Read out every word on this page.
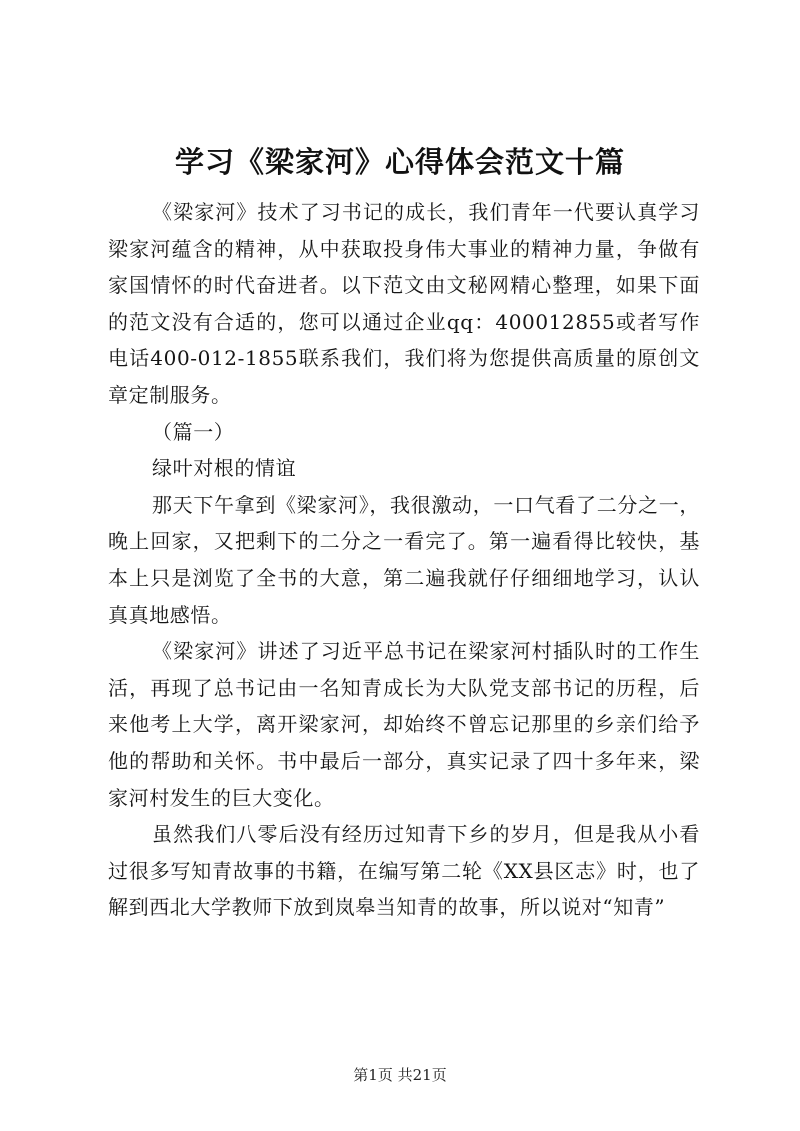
学习《梁家河》心得体会范文十篇

《梁家河》技术了习书记的成长，我们青年一代要认真学习梁家河蕴含的精神，从中获取投身伟大事业的精神力量，争做有家国情怀的时代奋进者。以下范文由文秘网精心整理，如果下面的范文没有合适的，您可以通过企业qq：400012855或者写作电话400-012-1855联系我们，我们将为您提供高质量的原创文章定制服务。

（篇一）

绿叶对根的情谊

那天下午拿到《梁家河》，我很激动，一口气看了二分之一，晚上回家，又把剩下的二分之一看完了。第一遍看得比较快，基本上只是浏览了全书的大意，第二遍我就仔仔细细地学习，认认真真地感悟。

《梁家河》讲述了习近平总书记在梁家河村插队时的工作生活，再现了总书记由一名知青成长为大队党支部书记的历程，后来他考上大学，离开梁家河，却始终不曾忘记那里的乡亲们给予他的帮助和关怀。书中最后一部分，真实记录了四十多年来，梁家河村发生的巨大变化。

虽然我们八零后没有经历过知青下乡的岁月，但是我从小看过很多写知青故事的书籍，在编写第二轮《XX县区志》时，也了解到西北大学教师下放到岚皋当知青的故事，所以说对“知青”

第1页 共21页
